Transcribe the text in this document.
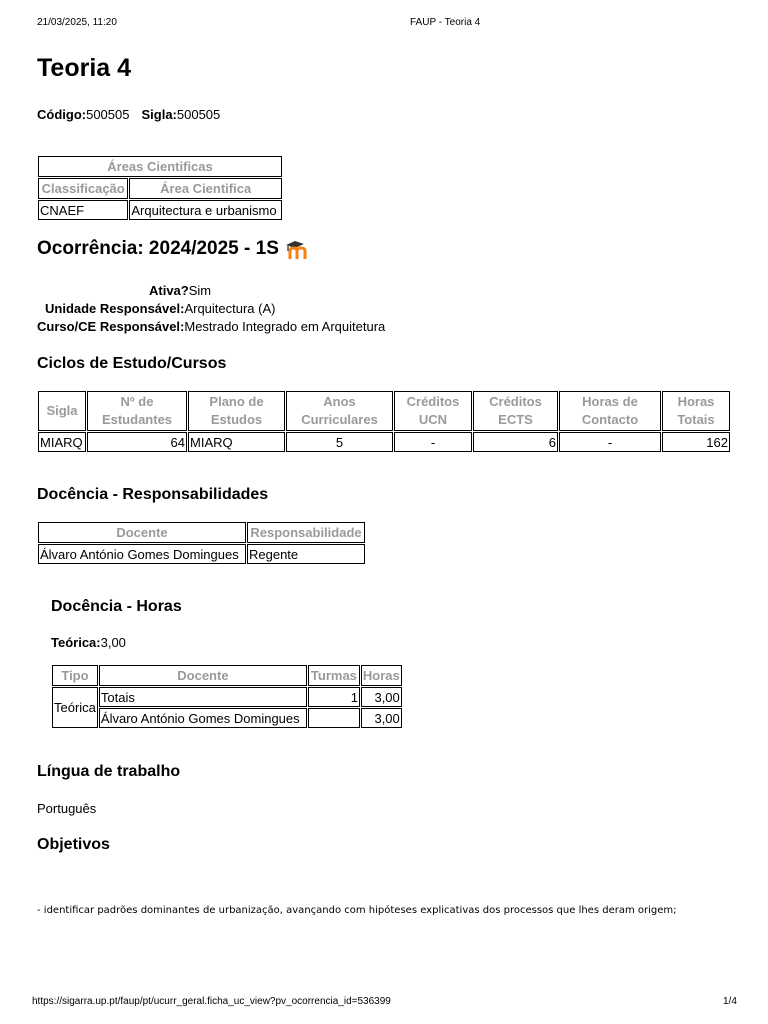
21/03/2025, 11:20	FAUP - Teoria 4
Teoria 4
Código:500505 Sigla:500505
Áreas Cientificas	
Classificação	Área Cientifica
CNAEF	Arquitectura e urbanismo
Ocorrência: 2024/2025 - 1S
Ativa?Sim
Unidade Responsável:Arquitectura (A)
Curso/CE Responsável:Mestrado Integrado em Arquitetura
Ciclos de Estudo/Cursos
Sigla	Nº de Estudantes	Plano de Estudos	Anos Curriculares	Créditos UCN	Créditos ECTS	Horas de Contacto	Horas Totais
MIARQ	64	MIARQ	5	-	6	-	162
Docência - Responsabilidades
Docente	Responsabilidade
Álvaro António Gomes Domingues	Regente
Docência - Horas
Teórica:3,00
Tipo	Docente	Turmas	Horas
Teórica	Totais	1	3,00
	Álvaro António Gomes Domingues		3,00
Língua de trabalho
Português
Objetivos
- identificar padrões dominantes de urbanização, avançando com hipóteses explicativas dos processos que lhes deram origem;
https://sigarra.up.pt/faup/pt/ucurr_geral.ficha_uc_view?pv_ocorrencia_id=536399	1/4
